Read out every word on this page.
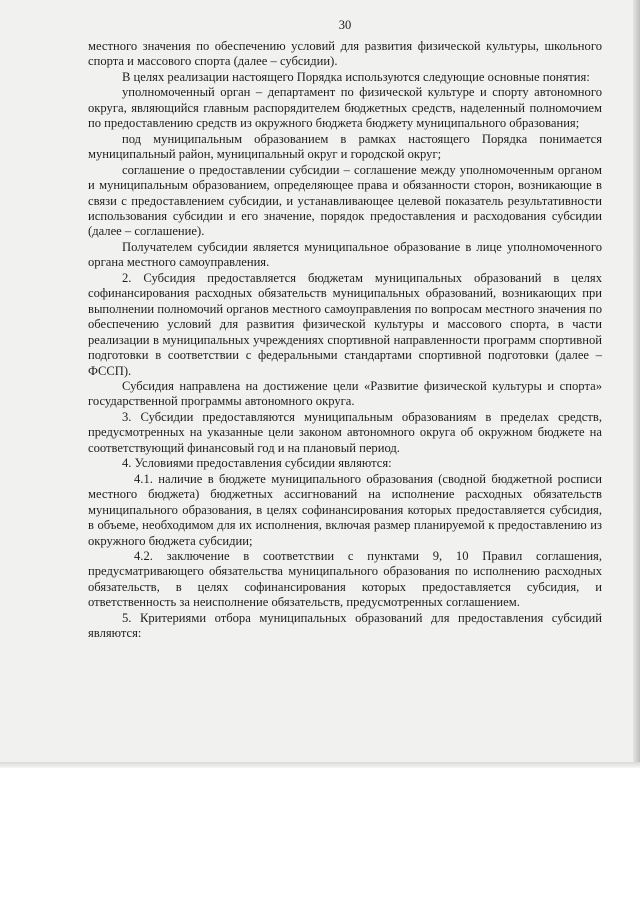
30

местного значения по обеспечению условий для развития физической культуры, школьного спорта и массового спорта (далее – субсидии).

В целях реализации настоящего Порядка используются следующие основные понятия:

уполномоченный орган – департамент по физической культуре и спорту автономного округа, являющийся главным распорядителем бюджетных средств, наделенный полномочием по предоставлению средств из окружного бюджета бюджету муниципального образования;

под муниципальным образованием в рамках настоящего Порядка понимается муниципальный район, муниципальный округ и городской округ;

соглашение о предоставлении субсидии – соглашение между уполномоченным органом и муниципальным образованием, определяющее права и обязанности сторон, возникающие в связи с предоставлением субсидии, и устанавливающее целевой показатель результативности использования субсидии и его значение, порядок предоставления и расходования субсидии (далее – соглашение).

Получателем субсидии является муниципальное образование в лице уполномоченного органа местного самоуправления.

2. Субсидия предоставляется бюджетам муниципальных образований в целях софинансирования расходных обязательств муниципальных образований, возникающих при выполнении полномочий органов местного самоуправления по вопросам местного значения по обеспечению условий для развития физической культуры и массового спорта, в части реализации в муниципальных учреждениях спортивной направленности программ спортивной подготовки в соответствии с федеральными стандартами спортивной подготовки (далее – ФССП).

Субсидия направлена на достижение цели «Развитие физической культуры и спорта» государственной программы автономного округа.

3. Субсидии предоставляются муниципальным образованиям в пределах средств, предусмотренных на указанные цели законом автономного округа об окружном бюджете на соответствующий финансовый год и на плановый период.

4. Условиями предоставления субсидии являются:

4.1. наличие в бюджете муниципального образования (сводной бюджетной росписи местного бюджета) бюджетных ассигнований на исполнение расходных обязательств муниципального образования, в целях софинансирования которых предоставляется субсидия, в объеме, необходимом для их исполнения, включая размер планируемой к предоставлению из окружного бюджета субсидии;

4.2. заключение в соответствии с пунктами 9, 10 Правил соглашения, предусматривающего обязательства муниципального образования по исполнению расходных обязательств, в целях софинансирования которых предоставляется субсидия, и ответственность за неисполнение обязательств, предусмотренных соглашением.

5. Критериями отбора муниципальных образований для предоставления субсидий являются:
